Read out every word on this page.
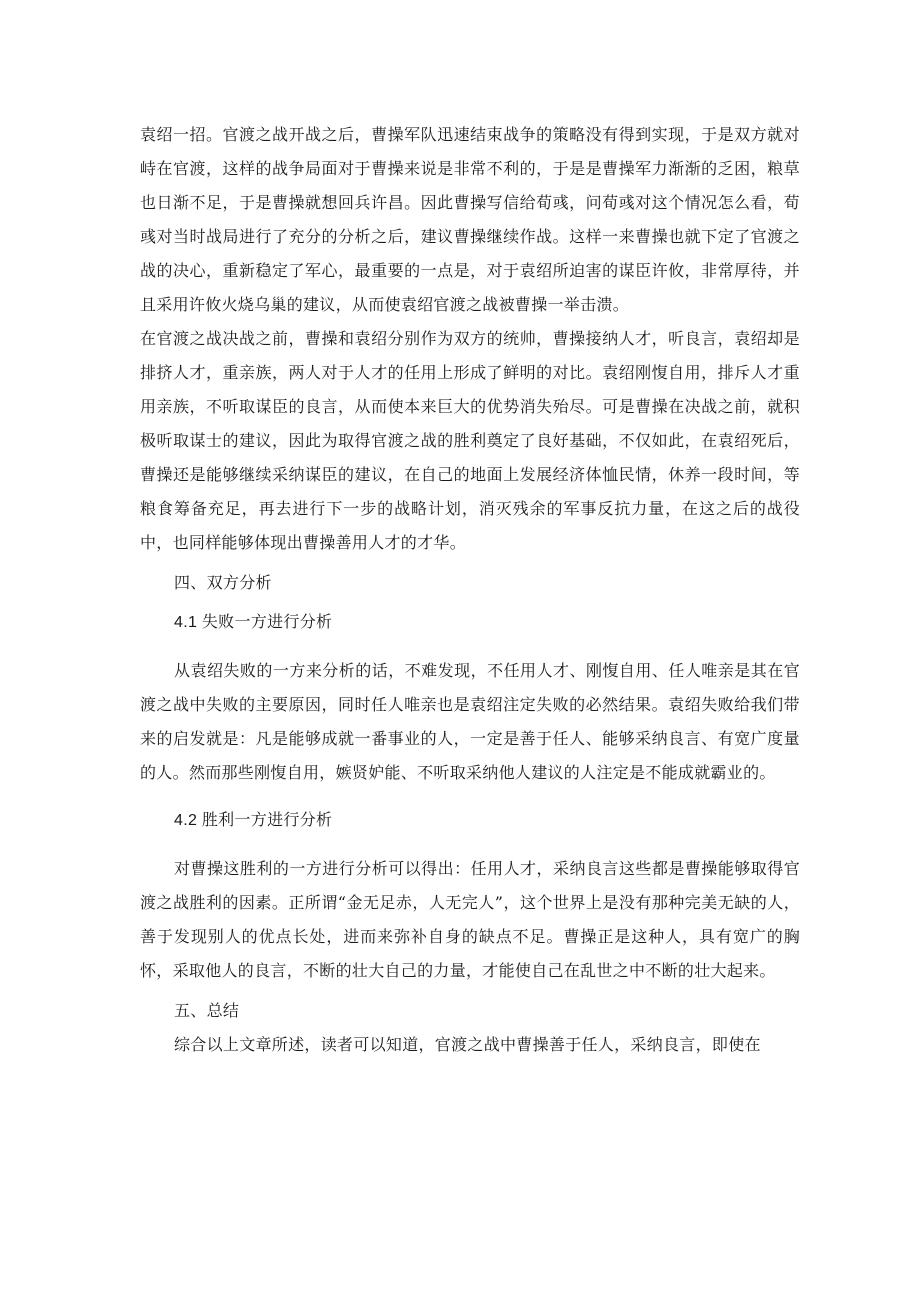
袁绍一招。官渡之战开战之后，曹操军队迅速结束战争的策略没有得到实现，于是双方就对峙在官渡，这样的战争局面对于曹操来说是非常不利的，于是是曹操军力渐渐的乏困，粮草也日渐不足，于是曹操就想回兵许昌。因此曹操写信给荀彧，问荀彧对这个情况怎么看，荀彧对当时战局进行了充分的分析之后，建议曹操继续作战。这样一来曹操也就下定了官渡之战的决心，重新稳定了军心，最重要的一点是，对于袁绍所迫害的谋臣许攸，非常厚待，并且采用许攸火烧乌巢的建议，从而使袁绍官渡之战被曹操一举击溃。

在官渡之战决战之前，曹操和袁绍分别作为双方的统帅，曹操接纳人才，听良言，袁绍却是排挤人才，重亲族，两人对于人才的任用上形成了鲜明的对比。袁绍刚愎自用，排斥人才重用亲族，不听取谋臣的良言，从而使本来巨大的优势消失殆尽。可是曹操在决战之前，就积极听取谋士的建议，因此为取得官渡之战的胜利奠定了良好基础，不仅如此，在袁绍死后，曹操还是能够继续采纳谋臣的建议，在自己的地面上发展经济体恤民情，休养一段时间，等粮食筹备充足，再去进行下一步的战略计划，消灭残余的军事反抗力量，在这之后的战役中，也同样能够体现出曹操善用人才的才华。

四、双方分析

4.1 失败一方进行分析

从袁绍失败的一方来分析的话，不难发现，不任用人才、刚愎自用、任人唯亲是其在官渡之战中失败的主要原因，同时任人唯亲也是袁绍注定失败的必然结果。袁绍失败给我们带来的启发就是：凡是能够成就一番事业的人，一定是善于任人、能够采纳良言、有宽广度量的人。然而那些刚愎自用，嫉贤妒能、不听取采纳他人建议的人注定是不能成就霸业的。

4.2 胜利一方进行分析

对曹操这胜利的一方进行分析可以得出：任用人才，采纳良言这些都是曹操能够取得官渡之战胜利的因素。正所谓“金无足赤，人无完人”，这个世界上是没有那种完美无缺的人，善于发现别人的优点长处，进而来弥补自身的缺点不足。曹操正是这种人，具有宽广的胸怀，采取他人的良言，不断的壮大自己的力量，才能使自己在乱世之中不断的壮大起来。

五、总结

综合以上文章所述，读者可以知道，官渡之战中曹操善于任人，采纳良言，即使在
